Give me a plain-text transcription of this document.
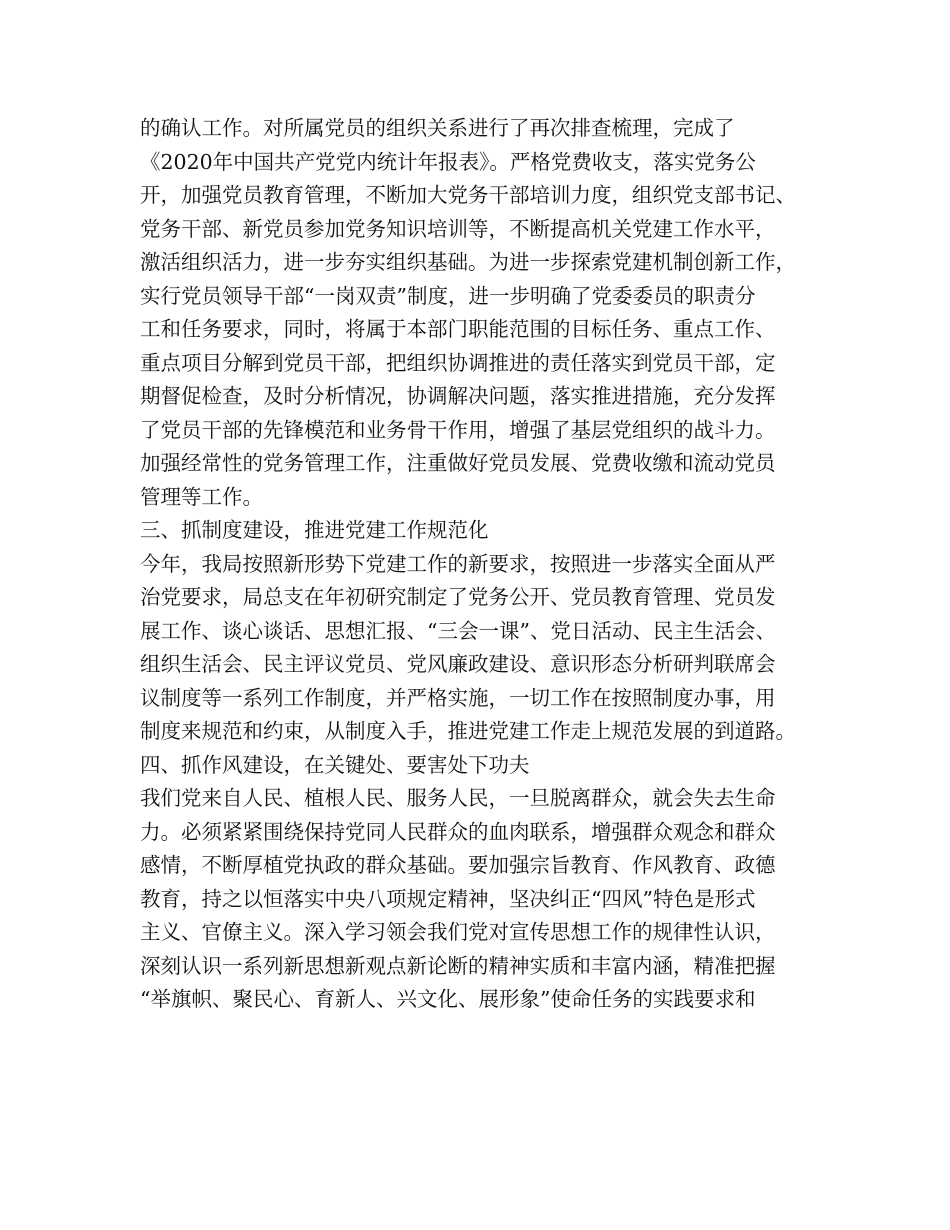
的确认工作。对所属党员的组织关系进行了再次排查梳理，完成了
《2020年中国共产党党内统计年报表》。严格党费收支，落实党务公
开，加强党员教育管理，不断加大党务干部培训力度，组织党支部书记、
党务干部、新党员参加党务知识培训等，不断提高机关党建工作水平，
激活组织活力，进一步夯实组织基础。为进一步探索党建机制创新工作，
实行党员领导干部“一岗双责”制度，进一步明确了党委委员的职责分
工和任务要求，同时，将属于本部门职能范围的目标任务、重点工作、
重点项目分解到党员干部，把组织协调推进的责任落实到党员干部，定
期督促检查，及时分析情况，协调解决问题，落实推进措施，充分发挥
了党员干部的先锋模范和业务骨干作用，增强了基层党组织的战斗力。
加强经常性的党务管理工作，注重做好党员发展、党费收缴和流动党员
管理等工作。
三、抓制度建设，推进党建工作规范化
今年，我局按照新形势下党建工作的新要求，按照进一步落实全面从严
治党要求，局总支在年初研究制定了党务公开、党员教育管理、党员发
展工作、谈心谈话、思想汇报、“三会一课”、党日活动、民主生活会、
组织生活会、民主评议党员、党风廉政建设、意识形态分析研判联席会
议制度等一系列工作制度，并严格实施，一切工作在按照制度办事，用
制度来规范和约束，从制度入手，推进党建工作走上规范发展的到道路。
四、抓作风建设，在关键处、要害处下功夫
我们党来自人民、植根人民、服务人民，一旦脱离群众，就会失去生命
力。必须紧紧围绕保持党同人民群众的血肉联系，增强群众观念和群众
感情，不断厚植党执政的群众基础。要加强宗旨教育、作风教育、政德
教育，持之以恒落实中央八项规定精神，坚决纠正“四风”特色是形式
主义、官僚主义。深入学习领会我们党对宣传思想工作的规律性认识，
深刻认识一系列新思想新观点新论断的精神实质和丰富内涵，精准把握
“举旗帜、聚民心、育新人、兴文化、展形象”使命任务的实践要求和
